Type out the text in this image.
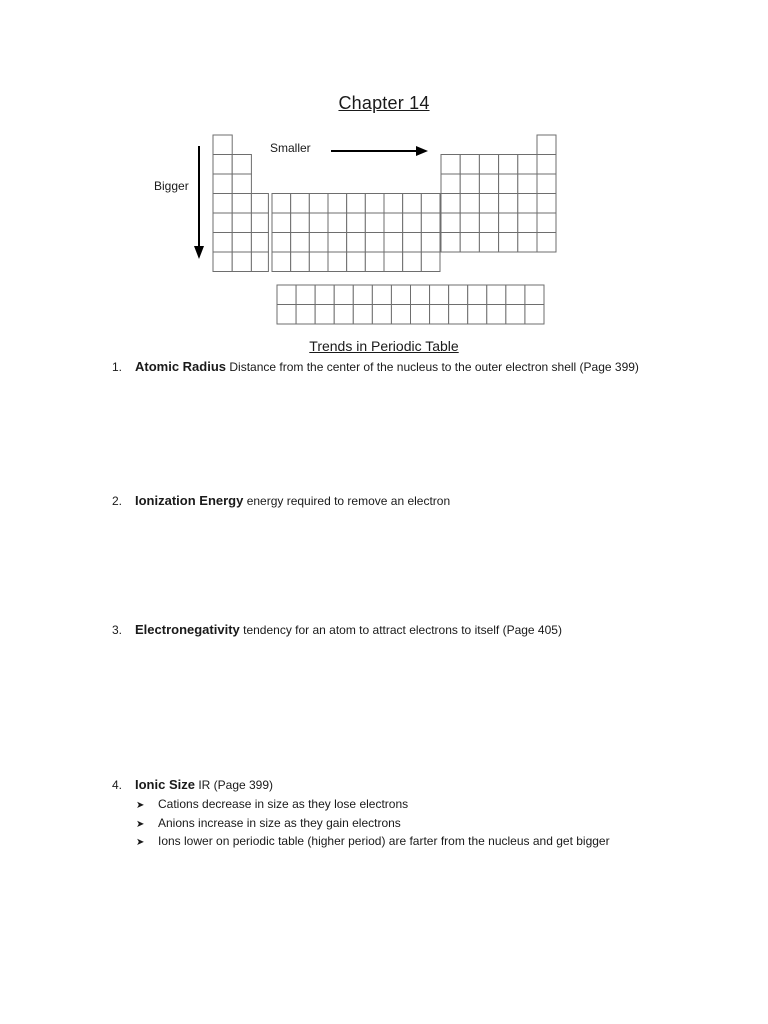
Chapter 14
Smaller
Bigger
Trends in Periodic Table
1. Atomic Radius Distance from the center of the nucleus to the outer electron shell (Page 399)
2. Ionization Energy energy required to remove an electron
3. Electronegativity tendency for an atom to attract electrons to itself (Page 405)
4. Ionic Size IR (Page 399)
➤ Cations decrease in size as they lose electrons
➤ Anions increase in size as they gain electrons
➤ Ions lower on periodic table (higher period) are farter from the nucleus and get bigger
